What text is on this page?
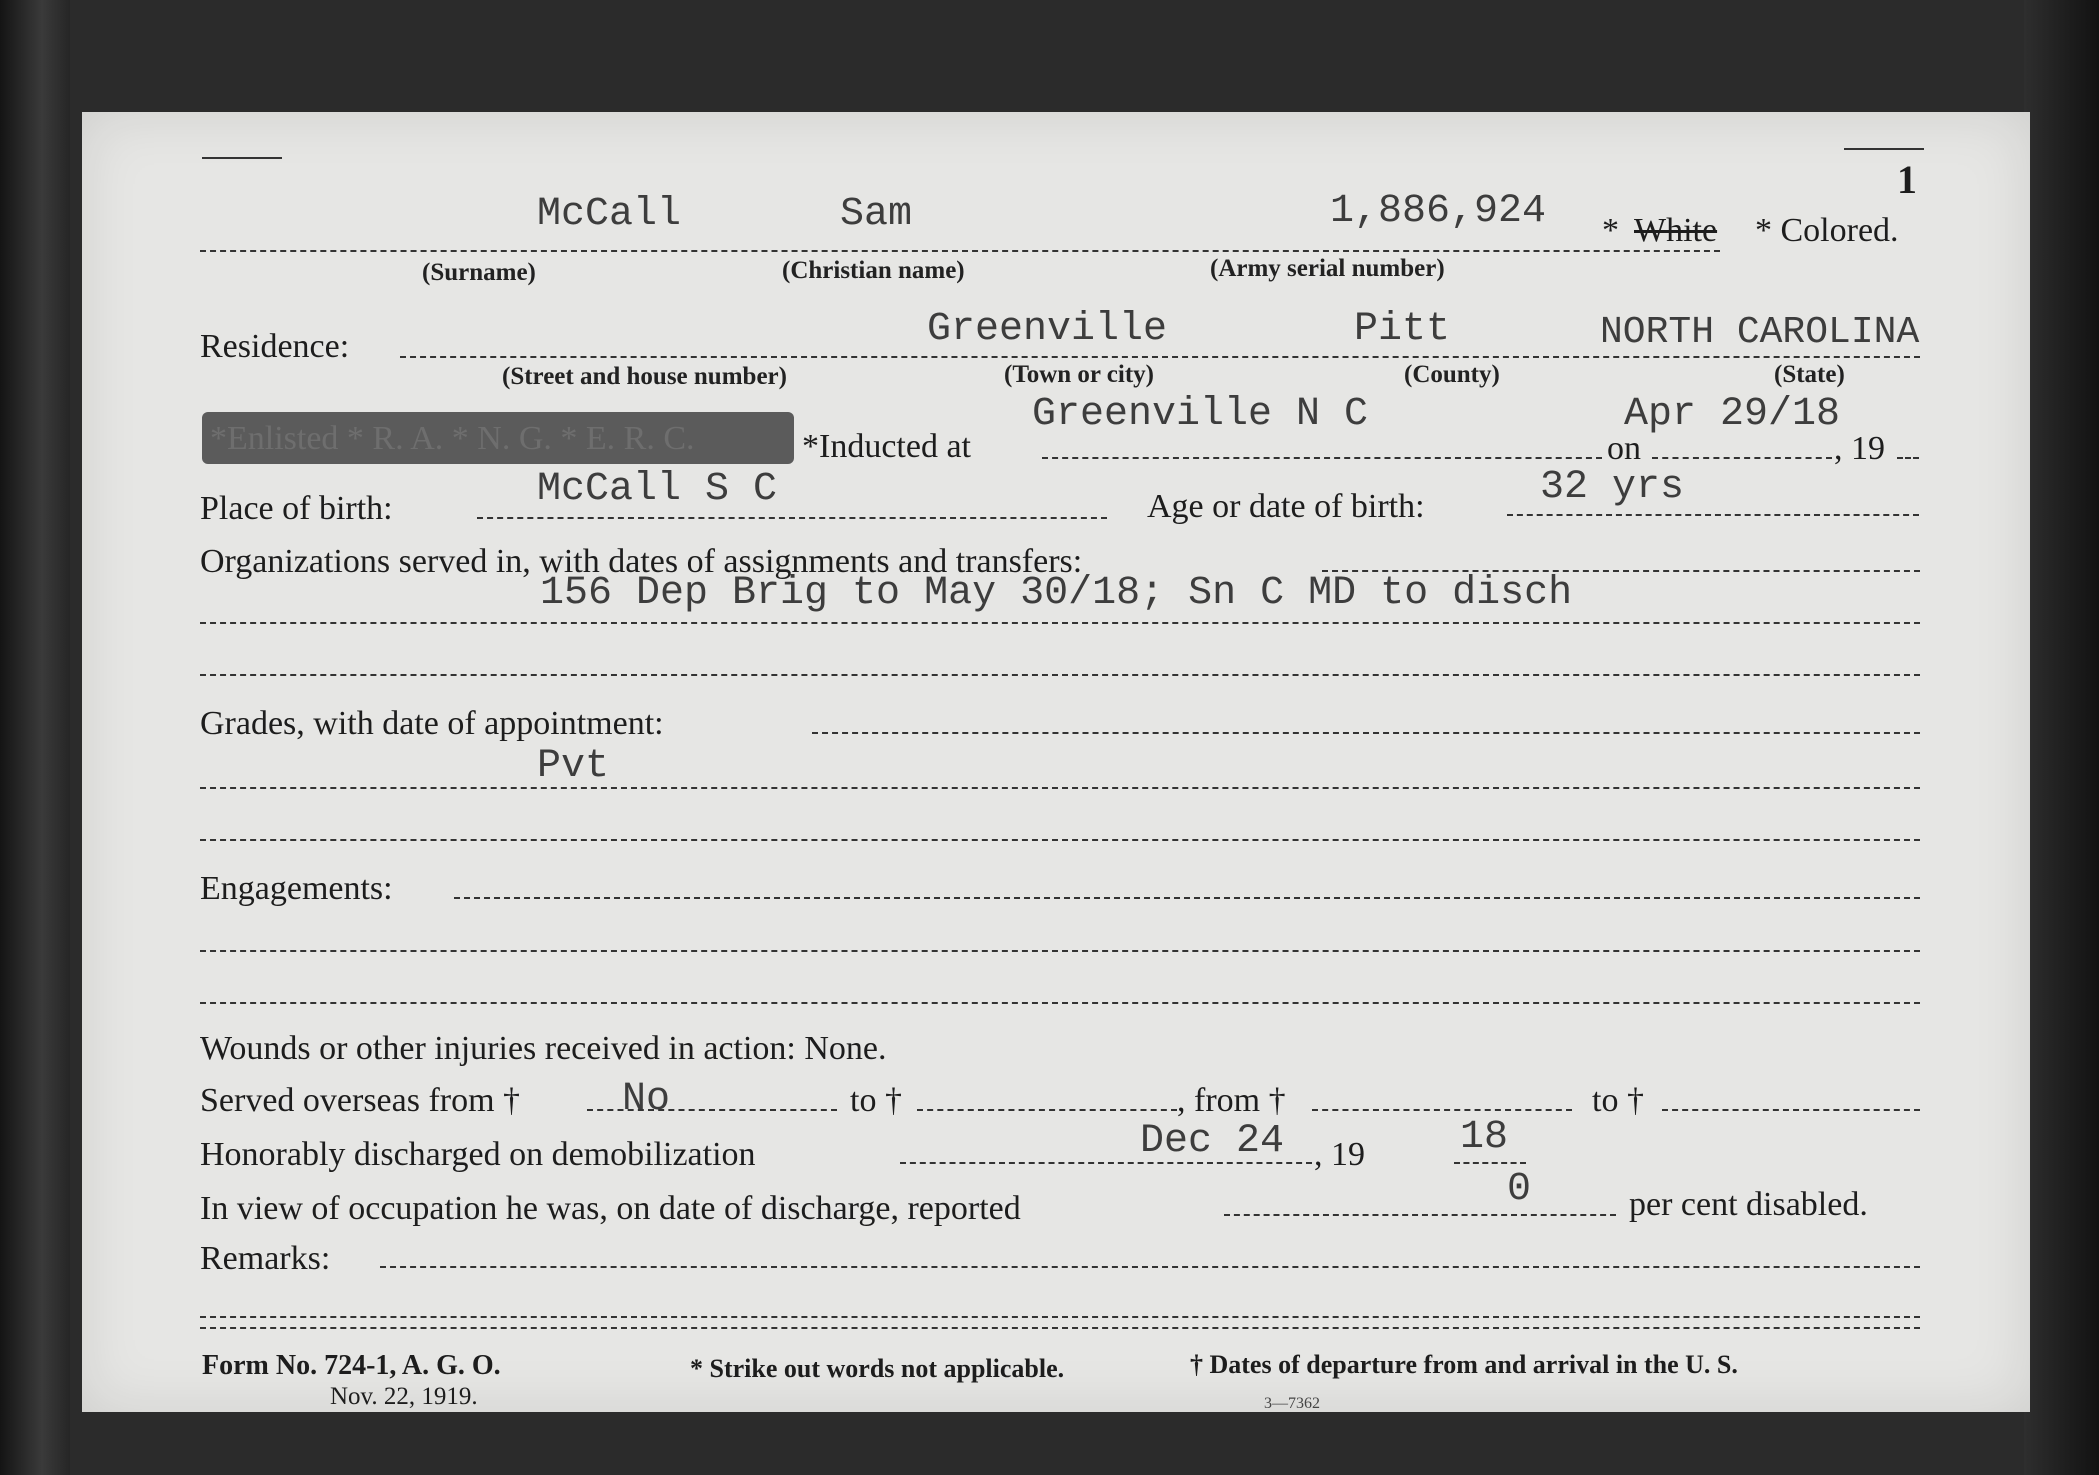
1
McCall	Sam	1,886,924 * White * Colored.
(Surname)	(Christian name)	(Army serial number)
Residence:	Greenville	Pitt	NORTH CAROLINA
(Street and house number)	(Town or city)	(County)	(State)
*Enlisted * R. A. * N. G. * E. R. C.	*Inducted at
Greenville N C
on
Apr 29/18
, 19
Place of birth:	McCall S C	Age or date of birth:	32 yrs
Organizations served in, with dates of assignments and transfers:
156 Dep Brig to May 30/18; Sn C MD to disch
Grades, with date of appointment:
Pvt
Engagements:
Wounds or other injuries received in action: None.
Served overseas from †	No	to †	, from †	to †
Honorably discharged on demobilization	Dec 24 , 19 18
In view of occupation he was, on date of discharge, reported	0	per cent disabled.
Remarks:
Form No. 724-1, A. G. O.
Nov. 22, 1919.
* Strike out words not applicable.	† Dates of departure from and arrival in the U. S.
3—7362
